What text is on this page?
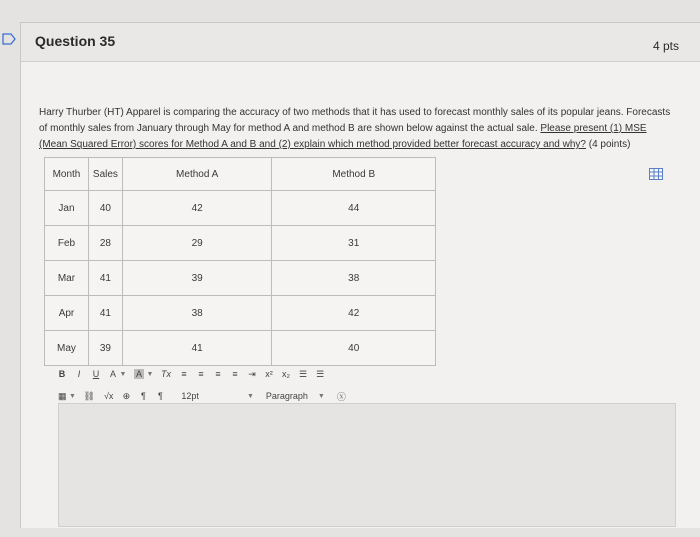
Question 35	4 pts
Harry Thurber (HT) Apparel is comparing the accuracy of two methods that it has used to forecast monthly sales of its popular jeans. Forecasts of monthly sales from January through May for method A and method B are shown below against the actual sale. Please present (1) MSE (Mean Squared Error) scores for Method A and B and (2) explain which method provided better forecast accuracy and why? (4 points)
Month	Sales	Method A	Method B
Jan	40	42	44
Feb	28	29	31
Mar	41	39	38
Apr	41	38	42
May	39	41	40
B	I	U A ▼ A ▼ Tx ≡ ≡ ≡ ≡ ⇥ x² x₂ ☰ ☰
▦ ▼ ⛓ √x ⊕ ¶ ¶ 12pt	▼ Paragraph ▼ ⓧ
